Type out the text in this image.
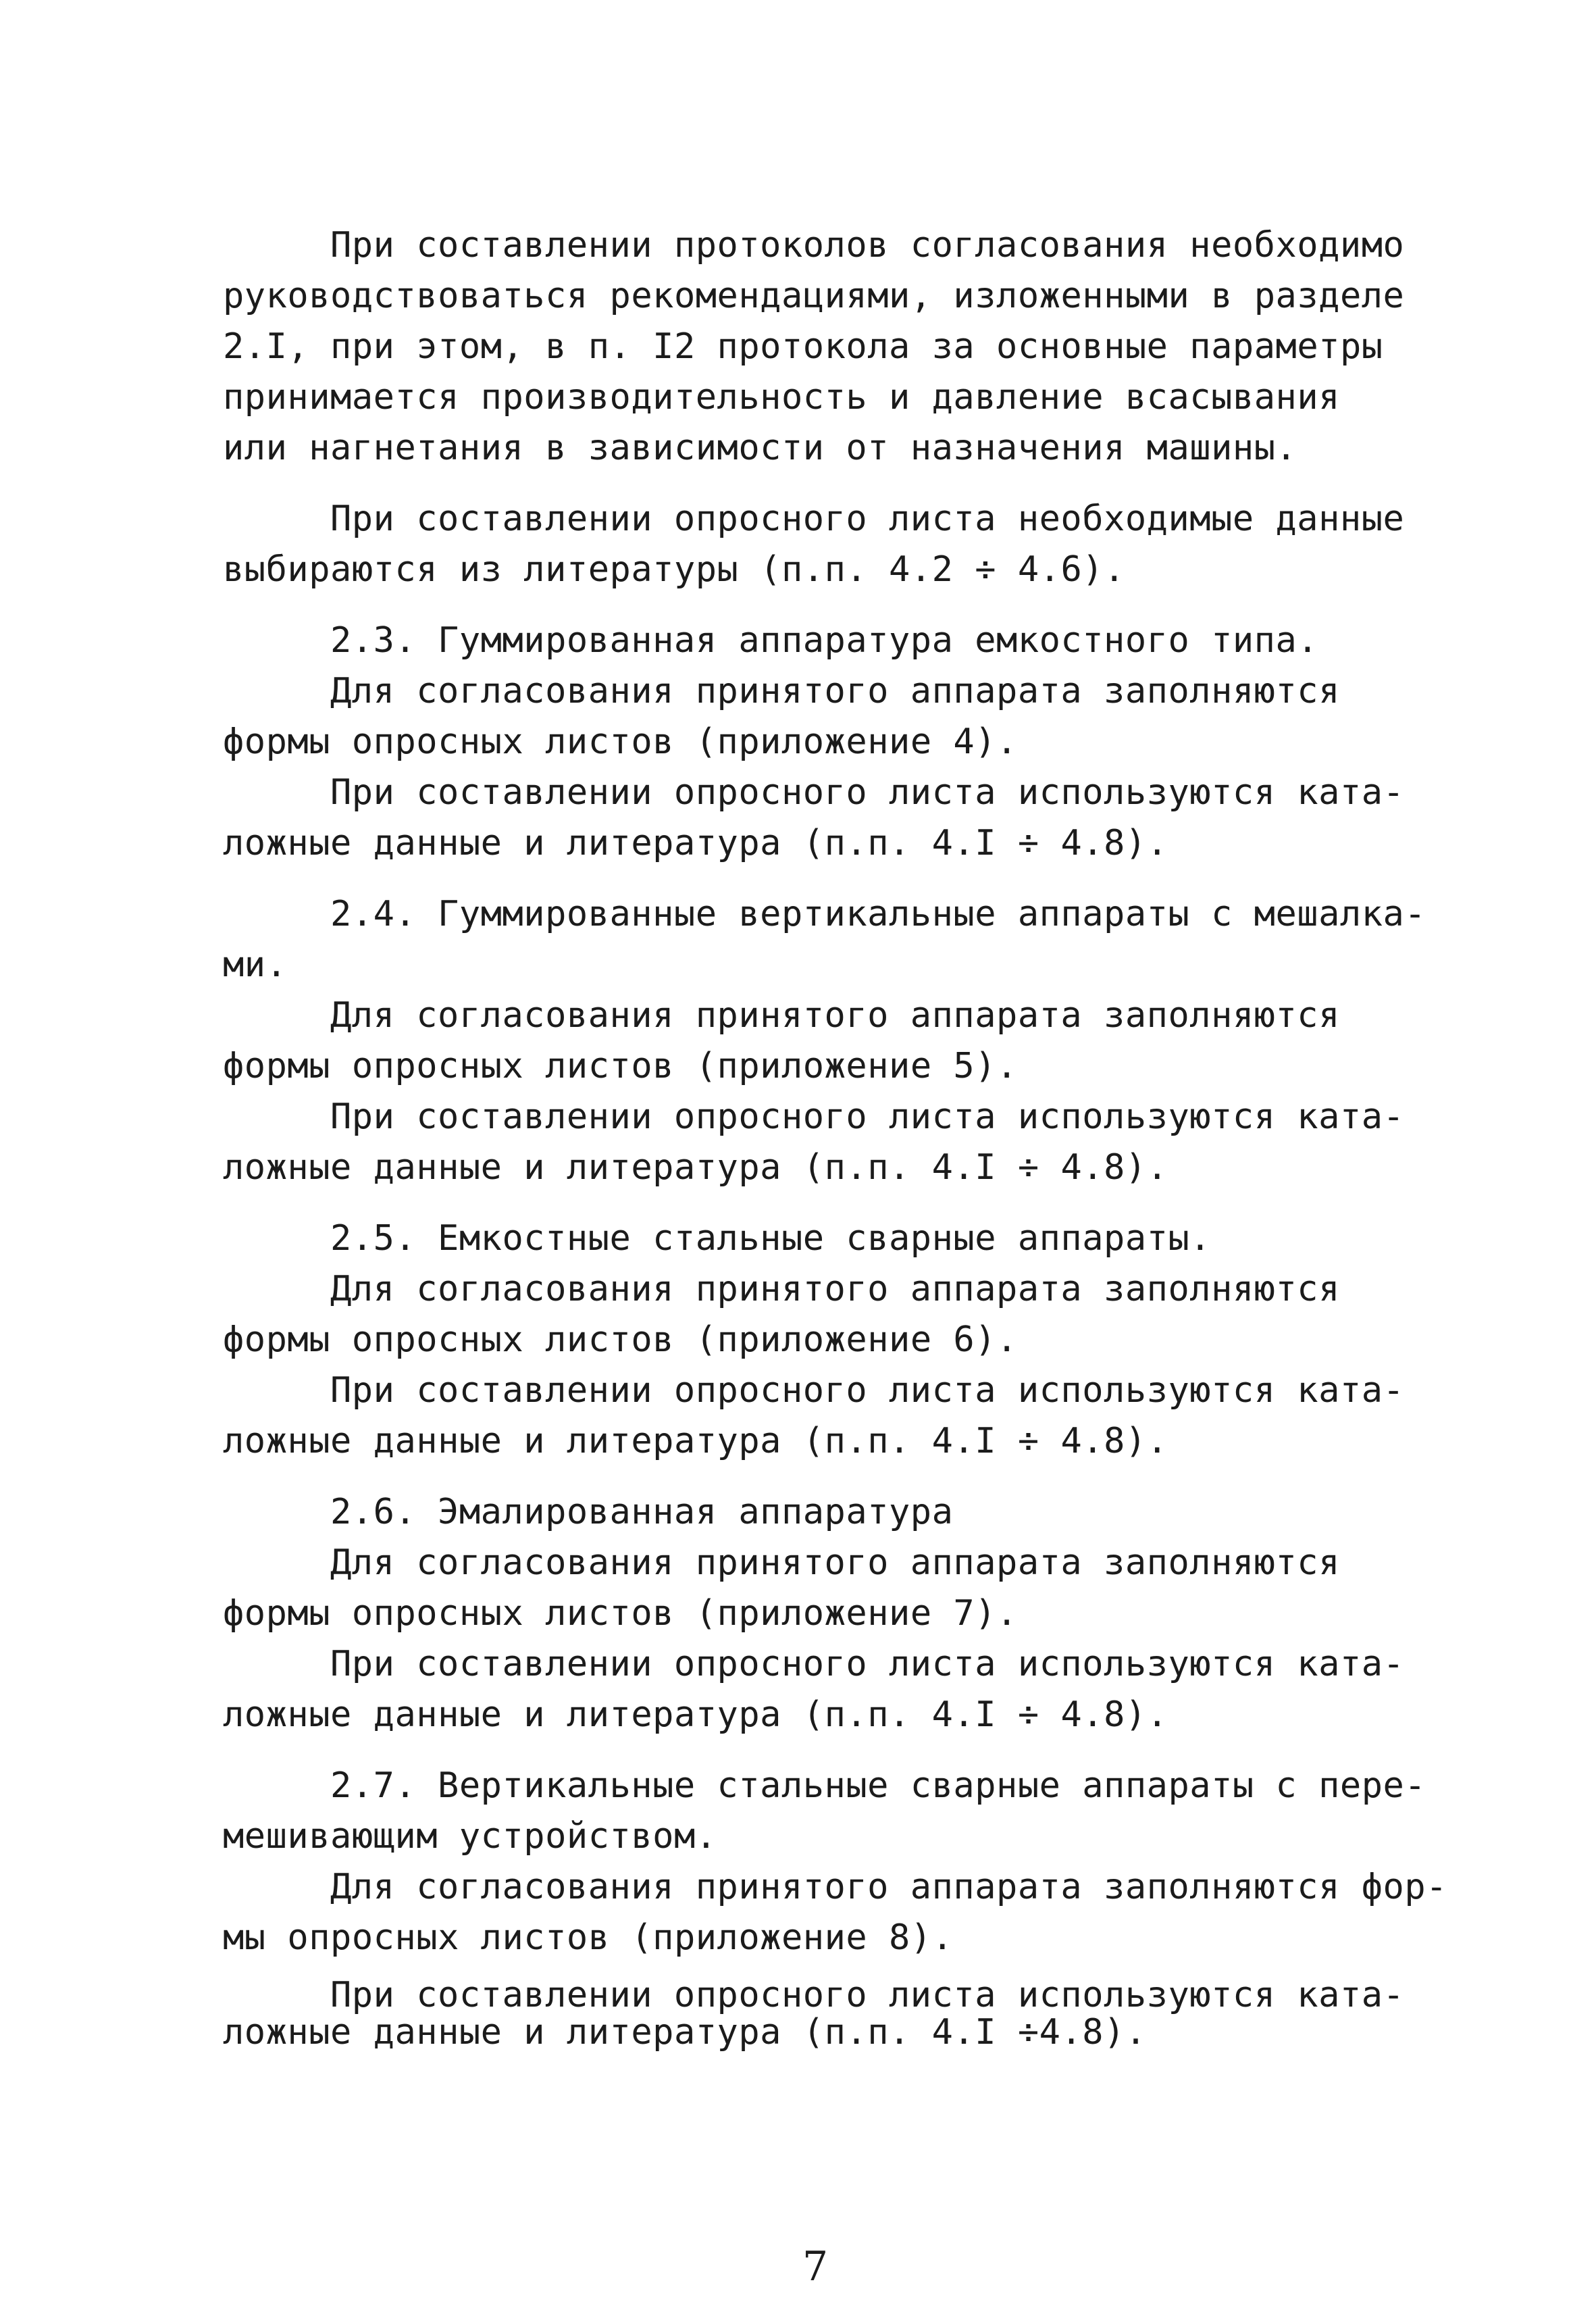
При составлении протоколов согласования необходимо
руководствоваться рекомендациями, изложенными в разделе
2.I, при этом, в п. I2 протокола за основные параметры
принимается производительность и давление всасывания
или нагнетания в зависимости от назначения машины.
При составлении опросного листа необходимые данные
выбираются из литературы (п.п. 4.2 ÷ 4.6).
2.3. Гуммированная аппаратура емкостного типа.
Для согласования принятого аппарата заполняются
формы опросных листов (приложение 4).
При составлении опросного листа используются ката-
ложные данные и литература (п.п. 4.I ÷ 4.8).
2.4. Гуммированные вертикальные аппараты с мешалка-
ми.
Для согласования принятого аппарата заполняются
формы опросных листов (приложение 5).
При составлении опросного листа используются ката-
ложные данные и литература (п.п. 4.I ÷ 4.8).
2.5. Емкостные стальные сварные аппараты.
Для согласования принятого аппарата заполняются
формы опросных листов (приложение 6).
При составлении опросного листа используются ката-
ложные данные и литература (п.п. 4.I ÷ 4.8).
2.6. Эмалированная аппаратура
Для согласования принятого аппарата заполняются
формы опросных листов (приложение 7).
При составлении опросного листа используются ката-
ложные данные и литература (п.п. 4.I ÷ 4.8).
2.7. Вертикальные стальные сварные аппараты с пере-
мешивающим устройством.
Для согласования принятого аппарата заполняются фор-
мы опросных листов (приложение 8).
При составлении опросного листа используются ката-
ложные данные и литература (п.п. 4.I ÷4.8).
7
